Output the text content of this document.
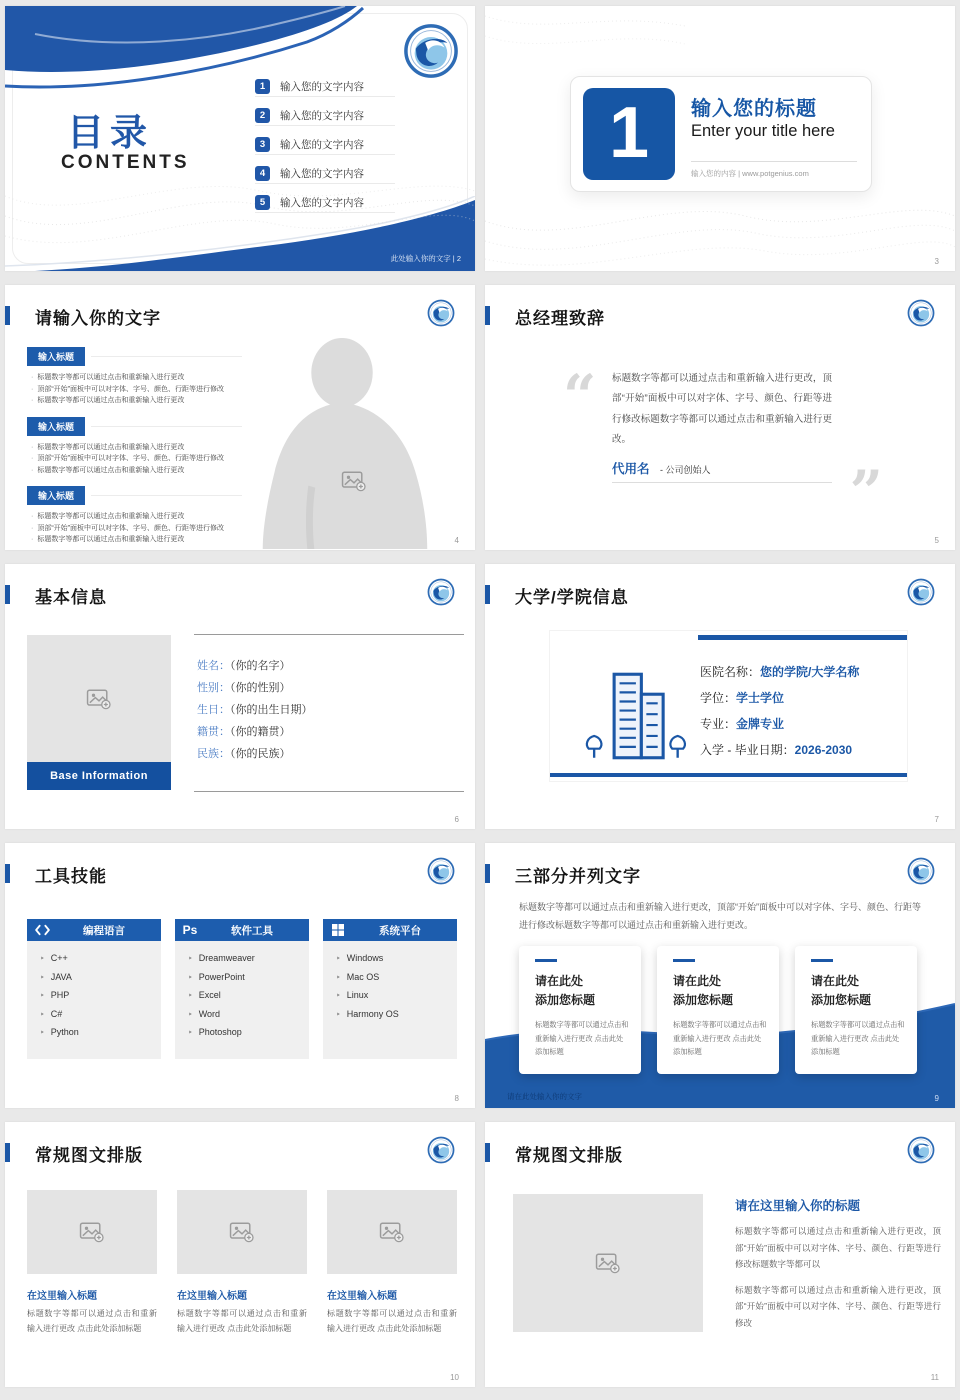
目录
CONTENTS
1	输入您的文字内容
2	输入您的文字内容
3	输入您的文字内容
4	输入您的文字内容
5	输入您的文字内容
此处输入你的文字 | 2
1	输入您的标题
Enter your title here
输入您的内容 | www.potgenius.com
3
请输入你的文字
输入标题
· 标题数字等都可以通过点击和重新输入进行更改
· 顶部“开始”面板中可以对字体、字号、颜色、行距等进行修改
· 标题数字等都可以通过点击和重新输入进行更改
输入标题
· 标题数字等都可以通过点击和重新输入进行更改
· 顶部“开始”面板中可以对字体、字号、颜色、行距等进行修改
· 标题数字等都可以通过点击和重新输入进行更改
输入标题
· 标题数字等都可以通过点击和重新输入进行更改
· 顶部“开始”面板中可以对字体、字号、颜色、行距等进行修改
· 标题数字等都可以通过点击和重新输入进行更改	4
总经理致辞
“
”
标题数字等都可以通过点击和重新输入进行更改，顶部“开始”面板中可以对字体、字号、颜色、行距等进行修改标题数字等都可以通过点击和重新输入进行更改。
代用名 - 公司创始人
5
基本信息
Base Information
姓名：（你的名字）
性别：（你的性别）
生日：（你的出生日期）
籍贯：（你的籍贯）
民族：（你的民族）
6
大学/学院信息
医院名称：您的学院/大学名称
学位：学士学位
专业：金牌专业
入学 - 毕业日期：2026-2030
7
工具技能
编程语言
‣ C++
‣ JAVA
‣ PHP
‣ C#
‣ Python
Ps	软件工具
‣ Dreamweaver
‣ PowerPoint
‣ Excel
‣ Word
‣ Photoshop
系统平台
‣ Windows
‣ Mac OS
‣ Linux
‣ Harmony OS
8
三部分并列文字
标题数字等都可以通过点击和重新输入进行更改，顶部“开始”面板中可以对字体、字号、颜色、行距等进行修改标题数字等都可以通过点击和重新输入进行更改。
请在此处
添加您标题
标题数字等都可以通过点击和重新输入进行更改 点击此处添加标题
请在此处
添加您标题
标题数字等都可以通过点击和重新输入进行更改 点击此处添加标题
请在此处
添加您标题
标题数字等都可以通过点击和重新输入进行更改 点击此处添加标题
请在此处输入你的文字	9
常规图文排版
在这里输入标题
标题数字等都可以通过点击和重新 输入进行更改 点击此处添加标题
在这里输入标题
标题数字等都可以通过点击和重新 输入进行更改 点击此处添加标题
在这里输入标题
标题数字等都可以通过点击和重新 输入进行更改 点击此处添加标题
10
常规图文排版
请在这里输入你的标题
标题数字等都可以通过点击和重新输入进行更改，顶部“开始”面板中可以对字体、字号、颜色、行距等进行修改标题数字等都可以
标题数字等都可以通过点击和重新输入进行更改，顶部“开始”面板中可以对字体、字号、颜色、行距等进行修改
11
